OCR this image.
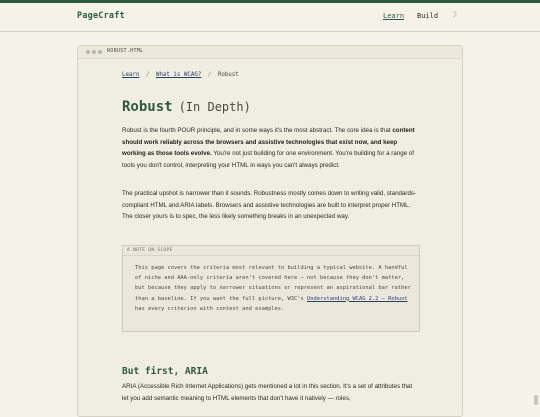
PageCraft	Learn Build ☽
ROBUST.HTML
Learn / What is WCAG? / Robust
Robust (In Depth)
Robust is the fourth POUR principle, and in some ways it's the most abstract. The core idea is that content should work reliably across the browsers and assistive technologies that exist now, and keep working as those tools evolve. You're not just building for one environment. You're building for a range of tools you don't control, interpreting your HTML in ways you can't always predict.
The practical upshot is narrower than it sounds. Robustness mostly comes down to writing valid, standards-compliant HTML and ARIA labels. Browsers and assistive technologies are built to interpret proper HTML. The closer yours is to spec, the less likely something breaks in an unexpected way.
A NOTE ON SCOPE
This page covers the criteria most relevant to building a typical website. A handful of niche and AAA-only criteria aren't covered here — not because they don't matter, but because they apply to narrower situations or represent an aspirational bar rather than a baseline. If you want the full picture, W3C's Understanding WCAG 2.2 — Robust has every criterion with context and examples.
But first, ARIA
ARIA (Accessible Rich Internet Applications) gets mentioned a lot in this section. It's a set of attributes that let you add semantic meaning to HTML elements that don't have it natively — roles,
